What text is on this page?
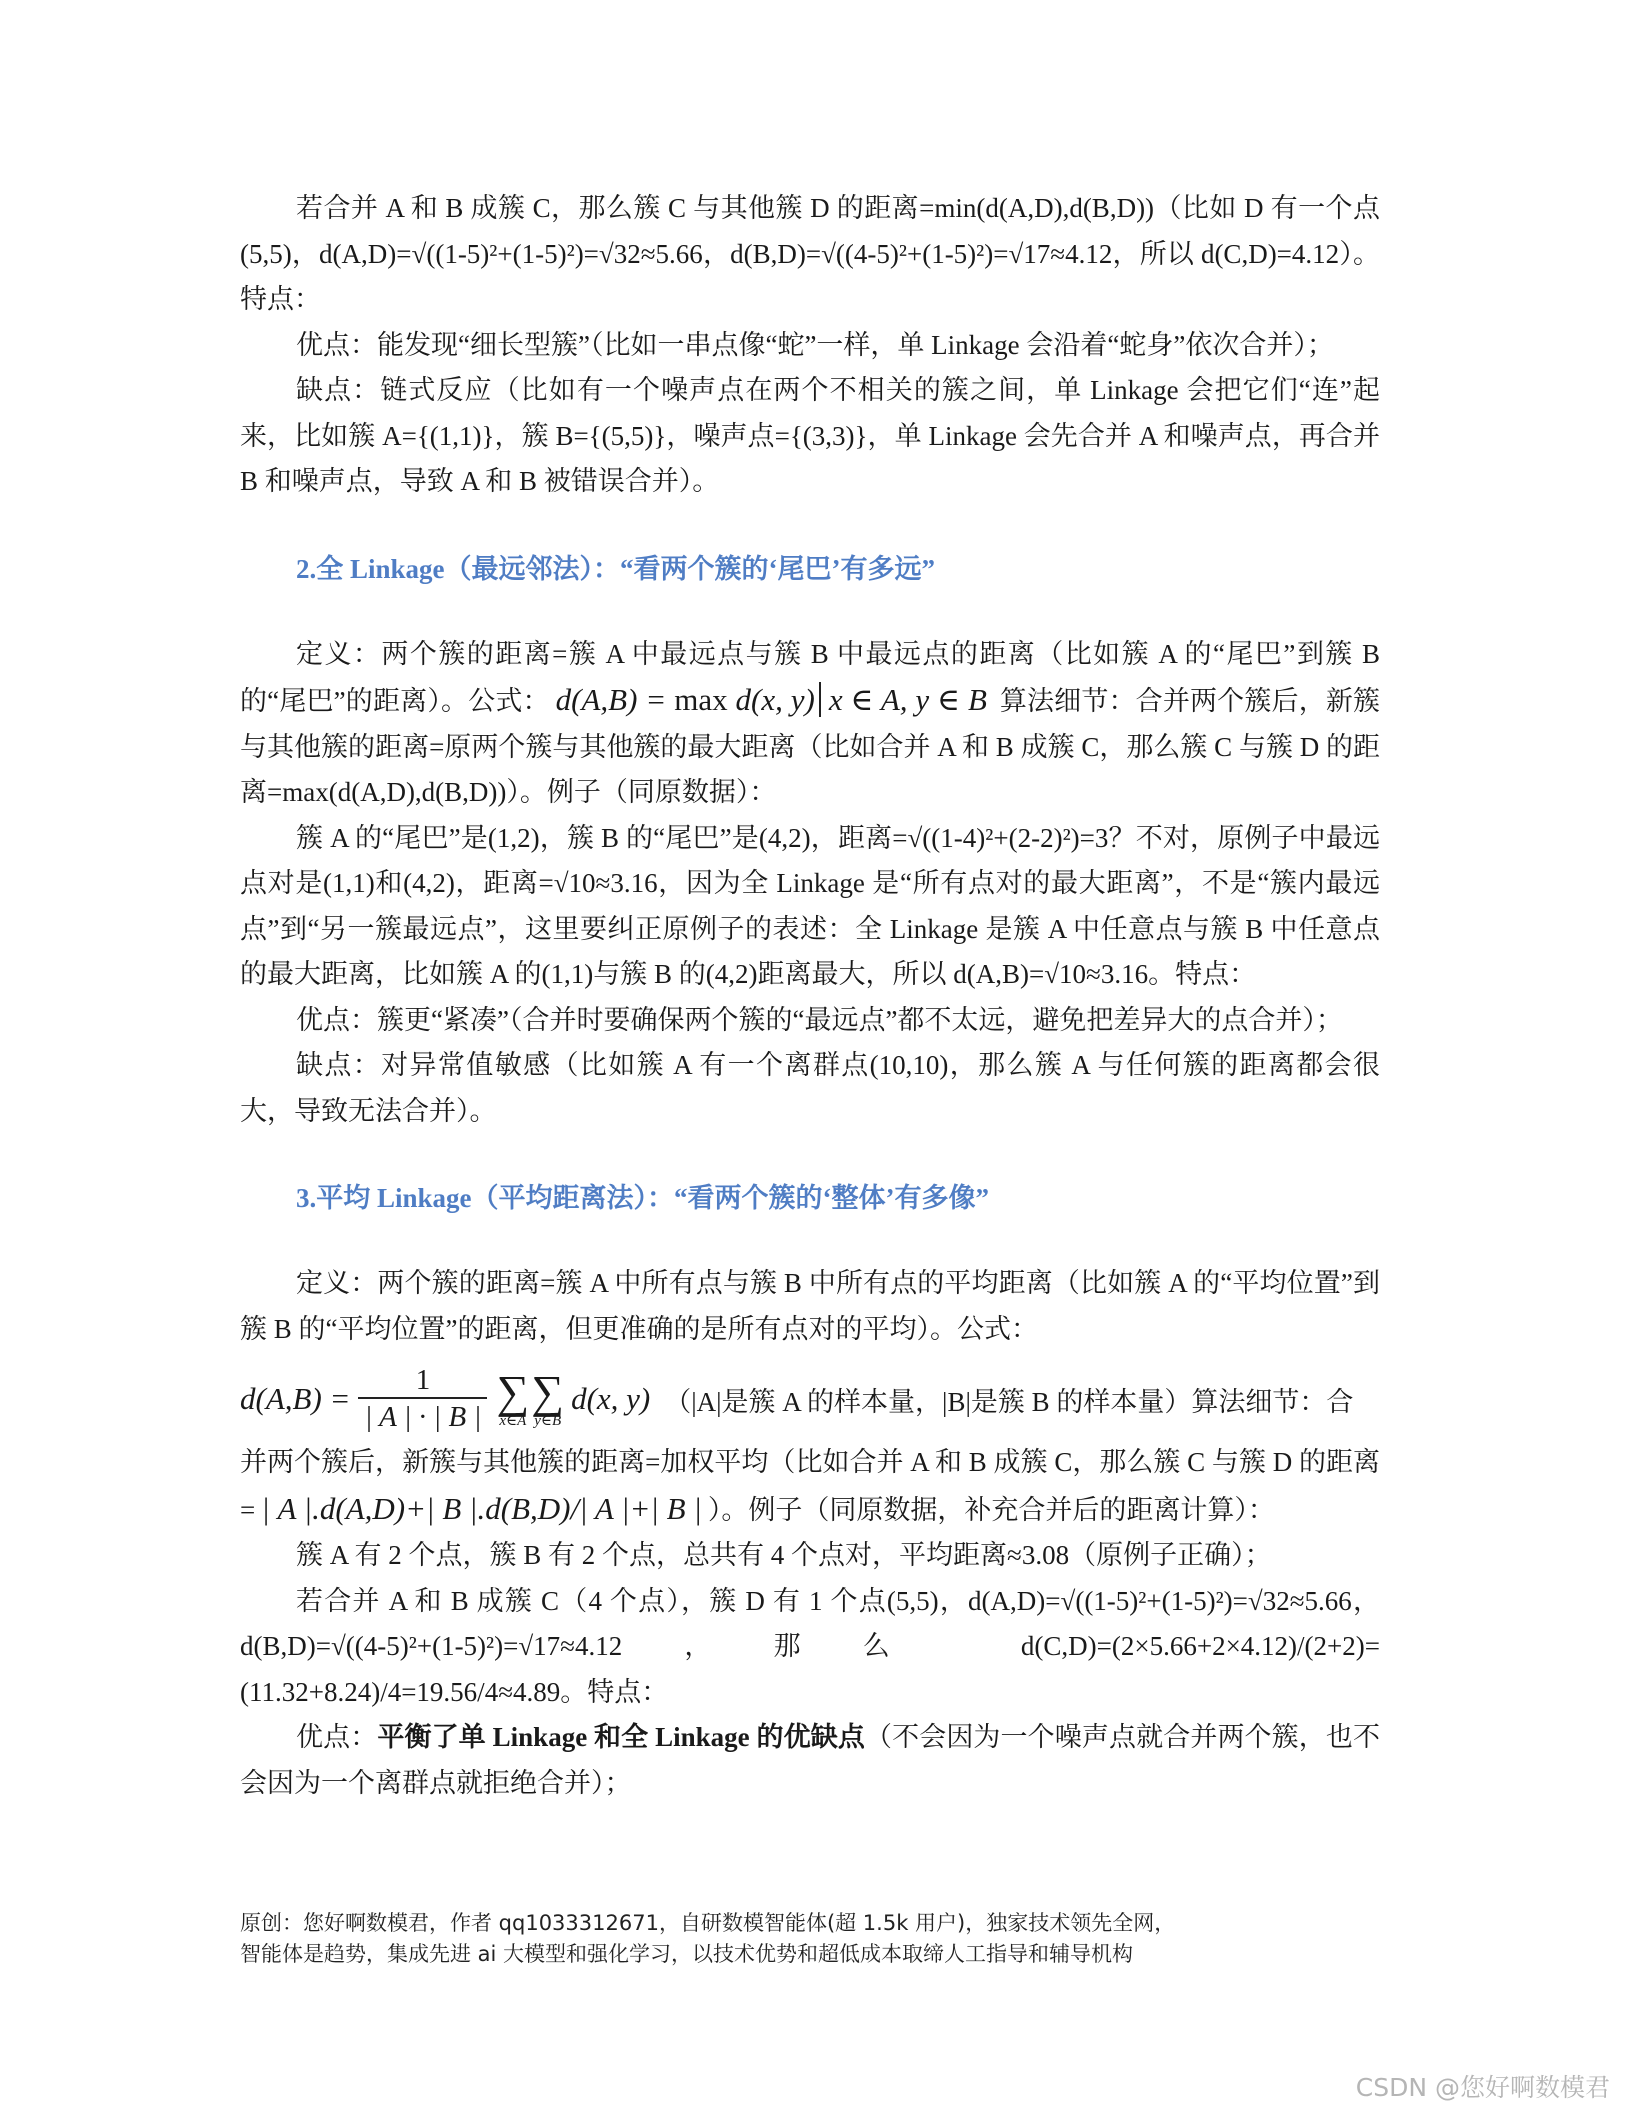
若合并 A 和 B 成簇 C，那么簇 C 与其他簇 D 的距离=min(d(A,D),d(B,D))（比如 D 有一个点(5,5)，d(A,D)=√((1-5)²+(1-5)²)=√32≈5.66，d(B,D)=√((4-5)²+(1-5)²)=√17≈4.12，所以 d(C,D)=4.12）。特点：

优点：能发现“细长型簇”（比如一串点像“蛇”一样，单 Linkage 会沿着“蛇身”依次合并）；

缺点：链式反应（比如有一个噪声点在两个不相关的簇之间，单 Linkage 会把它们“连”起来，比如簇 A={(1,1)}，簇 B={(5,5)}，噪声点={(3,3)}，单 Linkage 会先合并 A 和噪声点，再合并 B 和噪声点，导致 A 和 B 被错误合并）。

2.全 Linkage（最远邻法）：“看两个簇的‘尾巴’有多远”

定义：两个簇的距离=簇 A 中最远点与簇 B 中最远点的距离（比如簇 A 的“尾巴”到簇 B 的“尾巴”的距离）。公式： d(A,B) = max d(x, y) x ∈ A, y ∈ B 算法细节：合并两个簇后，新簇与其他簇的距离=原两个簇与其他簇的最大距离（比如合并 A 和 B 成簇 C，那么簇 C 与簇 D 的距离=max(d(A,D),d(B,D))）。例子（同原数据）：

簇 A 的“尾巴”是(1,2)，簇 B 的“尾巴”是(4,2)，距离=√((1-4)²+(2-2)²)=3？不对，原例子中最远点对是(1,1)和(4,2)，距离=√10≈3.16，因为全 Linkage 是“所有点对的最大距离”，不是“簇内最远点”到“另一簇最远点”，这里要纠正原例子的表述：全 Linkage 是簇 A 中任意点与簇 B 中任意点的最大距离，比如簇 A 的(1,1)与簇 B 的(4,2)距离最大，所以 d(A,B)=√10≈3.16。特点：

优点：簇更“紧凑”（合并时要确保两个簇的“最远点”都不太远，避免把差异大的点合并）；

缺点：对异常值敏感（比如簇 A 有一个离群点(10,10)，那么簇 A 与任何簇的距离都会很大，导致无法合并）。

3.平均 Linkage（平均距离法）：“看两个簇的‘整体’有多像”

定义：两个簇的距离=簇 A 中所有点与簇 B 中所有点的平均距离（比如簇 A 的“平均位置”到簇 B 的“平均位置”的距离，但更准确的是所有点对的平均）。公式：

$d(A,B) = \frac{1}{| A | \cdot | B |}$ ∑
x∈A
∑
y∈B
d(x, y) （|A|是簇 A 的样本量，|B|是簇 B 的样本量）算法细节：合

并两个簇后，新簇与其他簇的距离=加权平均（比如合并 A 和 B 成簇 C，那么簇 C 与簇 D 的距离= | A |.d(A,D)+| B |.d(B,D)/| A |+| B | ）。例子（同原数据，补充合并后的距离计算）：

簇 A 有 2 个点，簇 B 有 2 个点，总共有 4 个点对，平均距离≈3.08（原例子正确）；

若合并 A 和 B 成簇 C（4 个点），簇 D 有 1 个点(5,5)，d(A,D)=√((1-5)²+(1-5)²)=√32≈5.66，d(B,D)=√((4-5)²+(1-5)²)=√17≈4.12，那么 d(C,D)=(2×5.66+2×4.12)/(2+2)=(11.32+8.24)/4=19.56/4≈4.89。特点：

优点：平衡了单 Linkage 和全 Linkage 的优缺点（不会因为一个噪声点就合并两个簇，也不会因为一个离群点就拒绝合并）；

原创：您好啊数模君，作者 qq1033312671，自研数模智能体(超 1.5k 用户)，独家技术领先全网，
智能体是趋势，集成先进 ai 大模型和强化学习，以技术优势和超低成本取缔人工指导和辅导机构
CSDN @您好啊数模君
